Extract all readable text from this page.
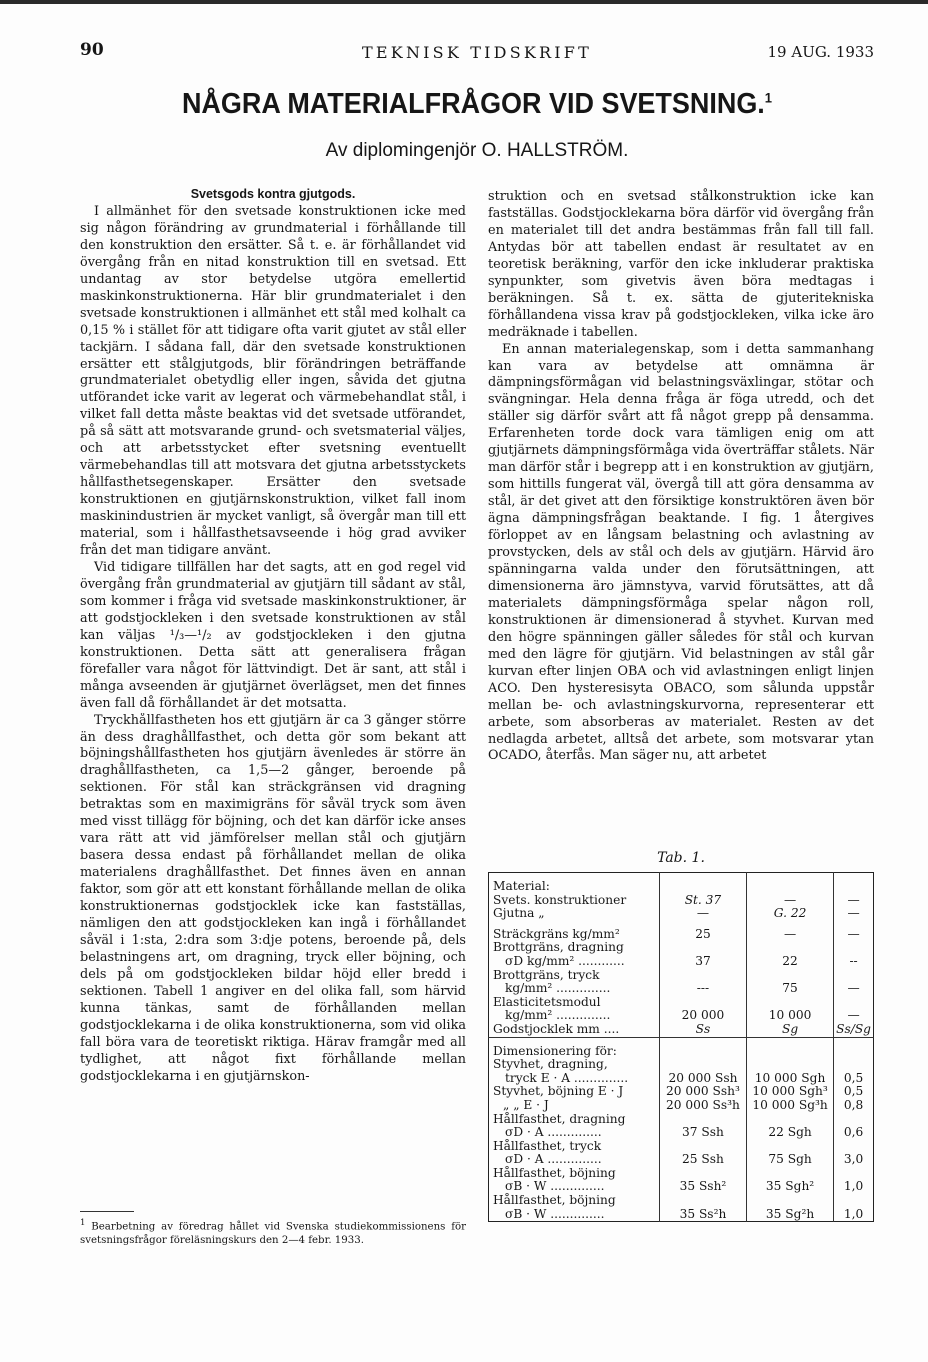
90	TEKNISK TIDSKRIFT	19 AUG. 1933
NÅGRA MATERIALFRÅGOR VID SVETSNING.$^1$
Av diplomingenjör O. HALLSTRÖM.
Svetsgods kontra gjutgods.

I allmänhet för den svetsade konstruktionen icke med sig någon förändring av grundmaterial i förhållande till den konstruktion den ersätter. Så t. e. är förhållandet vid övergång från en nitad konstruktion till en svetsad. Ett undantag av stor betydelse utgöra emellertid maskinkonstruktionerna. Här blir grundmaterialet i den svetsade konstruktionen i allmänhet ett stål med kolhalt ca 0,15 % i stället för att tidigare ofta varit gjutet av stål eller tackjärn. I sådana fall, där den svetsade konstruktionen ersätter ett stålgjutgods, blir förändringen beträffande grundmaterialet obetydlig eller ingen, såvida det gjutna utförandet icke varit av legerat och värmebehandlat stål, i vilket fall detta måste beaktas vid det svetsade utförandet, på så sätt att motsvarande grund- och svetsmaterial väljes, och att arbetsstycket efter svetsning eventuellt värmebehandlas till att motsvara det gjutna arbetsstyckets hållfasthetsegenskaper. Ersätter den svetsade konstruktionen en gjutjärnskonstruktion, vilket fall inom maskinindustrien är mycket vanligt, så övergår man till ett material, som i hållfasthetsavseende i hög grad avviker från det man tidigare använt.

Vid tidigare tillfällen har det sagts, att en god regel vid övergång från grundmaterial av gjutjärn till sådant av stål, som kommer i fråga vid svetsade maskinkonstruktioner, är att godstjockleken i den svetsade konstruktionen av stål kan väljas ¹/₃—¹/₂ av godstjockleken i den gjutna konstruktionen. Detta sätt att generalisera frågan förefaller vara något för lättvindigt. Det är sant, att stål i många avseenden är gjutjärnet överlägset, men det finnes även fall då förhållandet är det motsatta.

Tryckhållfastheten hos ett gjutjärn är ca 3 gånger större än dess draghållfasthet, och detta gör som bekant att böjningshållfastheten hos gjutjärn ävenledes är större än draghållfastheten, ca 1,5—2 gånger, beroende på sektionen. För stål kan sträckgränsen vid dragning betraktas som en maximigräns för såväl tryck som även med visst tillägg för böjning, och det kan därför icke anses vara rätt att vid jämförelser mellan stål och gjutjärn basera dessa endast på förhållandet mellan de olika materialens draghållfasthet. Det finnes även en annan faktor, som gör att ett konstant förhållande mellan de olika konstruktionernas godstjocklek icke kan fastställas, nämligen den att godstjockleken kan ingå i förhållandet såväl i 1:sta, 2:dra som 3:dje potens, beroende på, dels belastningens art, om dragning, tryck eller böjning, och dels på om godstjockleken bildar höjd eller bredd i sektionen. Tabell 1 angiver en del olika fall, som härvid kunna tänkas, samt de förhållanden mellan godstjocklekarna i de olika konstruktionerna, som vid olika fall böra vara de teoretiskt riktiga. Härav framgår med all tydlighet, att något fixt förhållande mellan godstjocklekarna i en gjutjärnskon-

struktion och en svetsad stålkonstruktion icke kan fastställas. Godstjocklekarna böra därför vid övergång från en materialet till det andra bestämmas från fall till fall. Antydas bör att tabellen endast är resultatet av en teoretisk beräkning, varför den icke inkluderar praktiska synpunkter, som givetvis även böra medtagas i beräkningen. Så t. ex. sätta de gjuteritekniska förhållandena vissa krav på godstjockleken, vilka icke äro medräknade i tabellen.

En annan materialegenskap, som i detta sammanhang kan vara av betydelse att omnämna är dämpningsförmågan vid belastningsväxlingar, stötar och svängningar. Hela denna fråga är föga utredd, och det ställer sig därför svårt att få något grepp på densamma. Erfarenheten torde dock vara tämligen enig om att gjutjärnets dämpningsförmåga vida överträffar stålets. När man därför står i begrepp att i en konstruktion av gjutjärn, som hittills fungerat väl, övergå till att göra densamma av stål, är det givet att den försiktige konstruktören även bör ägna dämpningsfrågan beaktande. I fig. 1 återgives förloppet av en långsam belastning och avlastning av provstycken, dels av stål och dels av gjutjärn. Härvid äro spänningarna valda under den förutsättningen, att dimensionerna äro jämnstyva, varvid förutsättes, att då materialets dämpningsförmåga spelar någon roll, konstruktionen är dimensionerad å styvhet. Kurvan med den högre spänningen gäller således för stål och kurvan med den lägre för gjutjärn. Vid belastningen av stål går kurvan efter linjen OBA och vid avlastningen enligt linjen ACO. Den hysteresisyta OBACO, som sålunda uppstår mellan be- och avlastningskurvorna, representerar ett arbete, som absorberas av materialet. Resten av det nedlagda arbetet, alltså det arbete, som motsvarar ytan OCADO, återfås. Man säger nu, att arbetet

$^1$ Bearbetning av föredrag hållet vid Svenska studiekommissionens för svetsningsfrågor föreläsningskurs den 2—4 febr. 1933.
Tab. 1.

Material:			
Svets. konstruktioner	St. 37	—	—
Gjutna „	—	G. 22	—

Sträckgräns kg/mm²	25	—	—
Brottgräns, dragning			
σD kg/mm² ............	37	22	--
Brottgräns, tryck			
kg/mm² ..............	---	75	—
Elasticitetsmodul			
kg/mm² ..............	20 000	10 000	—
Godstjocklek mm ....	Ss	Sg	Ss/Sg

Dimensionering för:			
Styvhet, dragning,			
tryck E · A ..............	20 000 Ssh	10 000 Sgh	0,5
Styvhet, böjning E · J	20 000 Ssh³	10 000 Sgh³	0,5
„ „ E · J	20 000 Ss³h	10 000 Sg³h	0,8
Hållfasthet, dragning			
σD · A ..............	37 Ssh	22 Sgh	0,6
Hållfasthet, tryck			
σD · A ..............	25 Ssh	75 Sgh	3,0
Hållfasthet, böjning			
σB · W ..............	35 Ssh²	35 Sgh²	1,0
Hållfasthet, böjning			
σB · W ..............	35 Ss²h	35 Sg²h	1,0
